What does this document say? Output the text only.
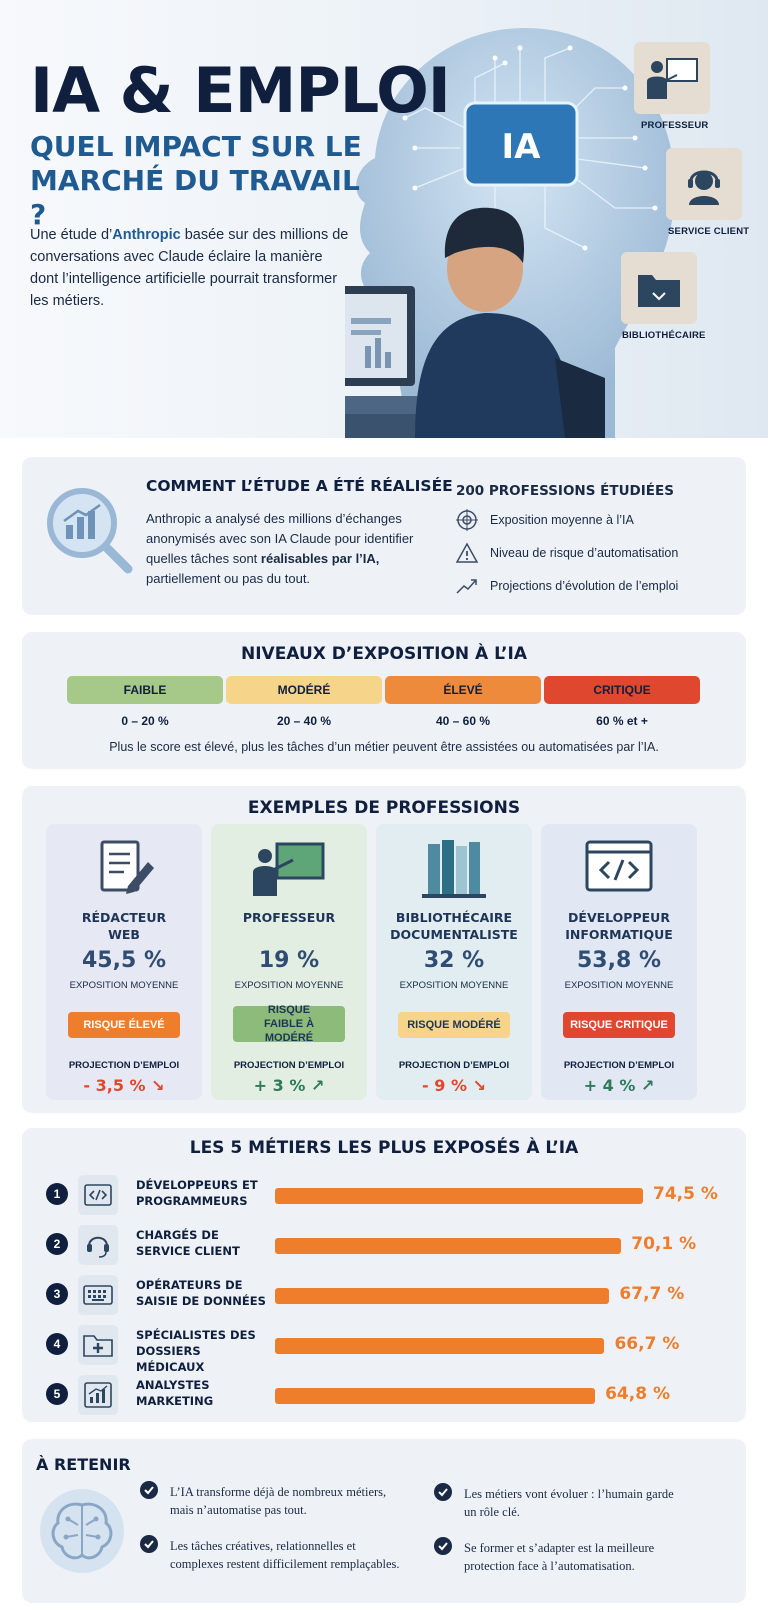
IA
IA & EMPLOI
QUEL IMPACT SUR LE MARCHÉ DU TRAVAIL ?
Une étude d’Anthropic basée sur des millions de conversations avec Claude éclaire la manière dont l’intelligence artificielle pourrait transformer les métiers.
PROFESSEUR
SERVICE CLIENT
BIBLIOTHÉCAIRE
COMMENT L’ÉTUDE A ÉTÉ RÉALISÉE

Anthropic a analysé des millions d’échanges anonymisés avec son IA Claude pour identifier quelles tâches sont réalisables par l’IA, partiellement ou pas du tout.

200 PROFESSIONS ÉTUDIÉES
Exposition moyenne à l’IA
Niveau de risque d’automatisation
Projections d’évolution de l’emploi
NIVEAUX D’EXPOSITION À L’IA
FAIBLE	MODÉRÉ	ÉLEVÉ	CRITIQUE
0 – 20 %	20 – 40 %	40 – 60 %	60 % et +
Plus le score est élevé, plus les tâches d’un métier peuvent être assistées ou automatisées par l’IA.
EXEMPLES DE PROFESSIONS
RÉDACTEUR WEB
45,5 %
EXPOSITION MOYENNE
RISQUE ÉLEVÉ
PROJECTION D’EMPLOI
- 3,5 % ↘
PROFESSEUR
19 %
EXPOSITION MOYENNE
RISQUE FAIBLE À MODÉRÉ
PROJECTION D’EMPLOI
+ 3 % ↗
BIBLIOTHÉCAIRE DOCUMENTALISTE
32 %
EXPOSITION MOYENNE
RISQUE MODÉRÉ
PROJECTION D’EMPLOI
- 9 % ↘
DÉVELOPPEUR INFORMATIQUE
53,8 %
EXPOSITION MOYENNE
RISQUE CRITIQUE
PROJECTION D’EMPLOI
+ 4 % ↗
LES 5 MÉTIERS LES PLUS EXPOSÉS À L’IA
1
DÉVELOPPEURS ET PROGRAMMEURS	74,5 %
2
CHARGÉS DE SERVICE CLIENT	70,1 %
3
OPÉRATEURS DE SAISIE DE DONNÉES	67,7 %
4
SPÉCIALISTES DES DOSSIERS MÉDICAUX
66,7 %
5
ANALYSTES MARKETING	64,8 %
À RETENIR
L’IA transforme déjà de nombreux métiers, mais n’automatise pas tout.
Les tâches créatives, relationnelles et complexes restent difficilement remplaçables.
Les métiers vont évoluer : l’humain garde un rôle clé.
Se former et s’adapter est la meilleure protection face à l’automatisation.
